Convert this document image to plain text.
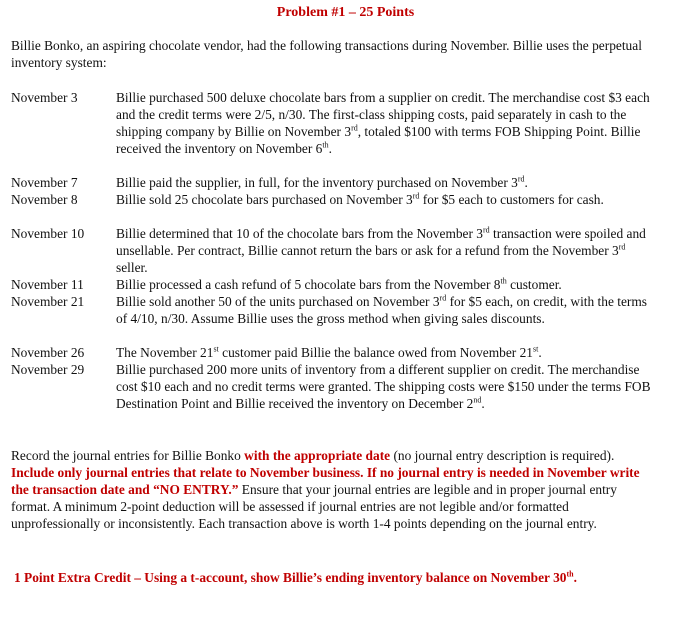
Problem #1 – 25 Points
Billie Bonko, an aspiring chocolate vendor, had the following transactions during November. Billie uses the perpetual inventory system:
November 3	Billie purchased 500 deluxe chocolate bars from a supplier on credit. The merchandise cost $3 each and the credit terms were 2/5, n/30. The first-class shipping costs, paid separately in cash to the shipping company by Billie on November 3rd, totaled $100 with terms FOB Shipping Point. Billie received the inventory on November 6th.
November 7	Billie paid the supplier, in full, for the inventory purchased on November 3rd.
November 8	Billie sold 25 chocolate bars purchased on November 3rd for $5 each to customers for cash.
November 10	Billie determined that 10 of the chocolate bars from the November 3rd transaction were spoiled and unsellable. Per contract, Billie cannot return the bars or ask for a refund from the November 3rd seller.
November 11	Billie processed a cash refund of 5 chocolate bars from the November 8th customer.
November 21	Billie sold another 50 of the units purchased on November 3rd for $5 each, on credit, with the terms of 4/10, n/30. Assume Billie uses the gross method when giving sales discounts.
November 26	The November 21st customer paid Billie the balance owed from November 21st.
November 29	Billie purchased 200 more units of inventory from a different supplier on credit. The merchandise cost $10 each and no credit terms were granted. The shipping costs were $150 under the terms FOB Destination Point and Billie received the inventory on December 2nd.
Record the journal entries for Billie Bonko with the appropriate date (no journal entry description is required). Include only journal entries that relate to November business. If no journal entry is needed in November write the transaction date and “NO ENTRY.” Ensure that your journal entries are legible and in proper journal entry format. A minimum 2-point deduction will be assessed if journal entries are not legible and/or formatted unprofessionally or inconsistently. Each transaction above is worth 1-4 points depending on the journal entry.
1 Point Extra Credit – Using a t-account, show Billie’s ending inventory balance on November 30th.
